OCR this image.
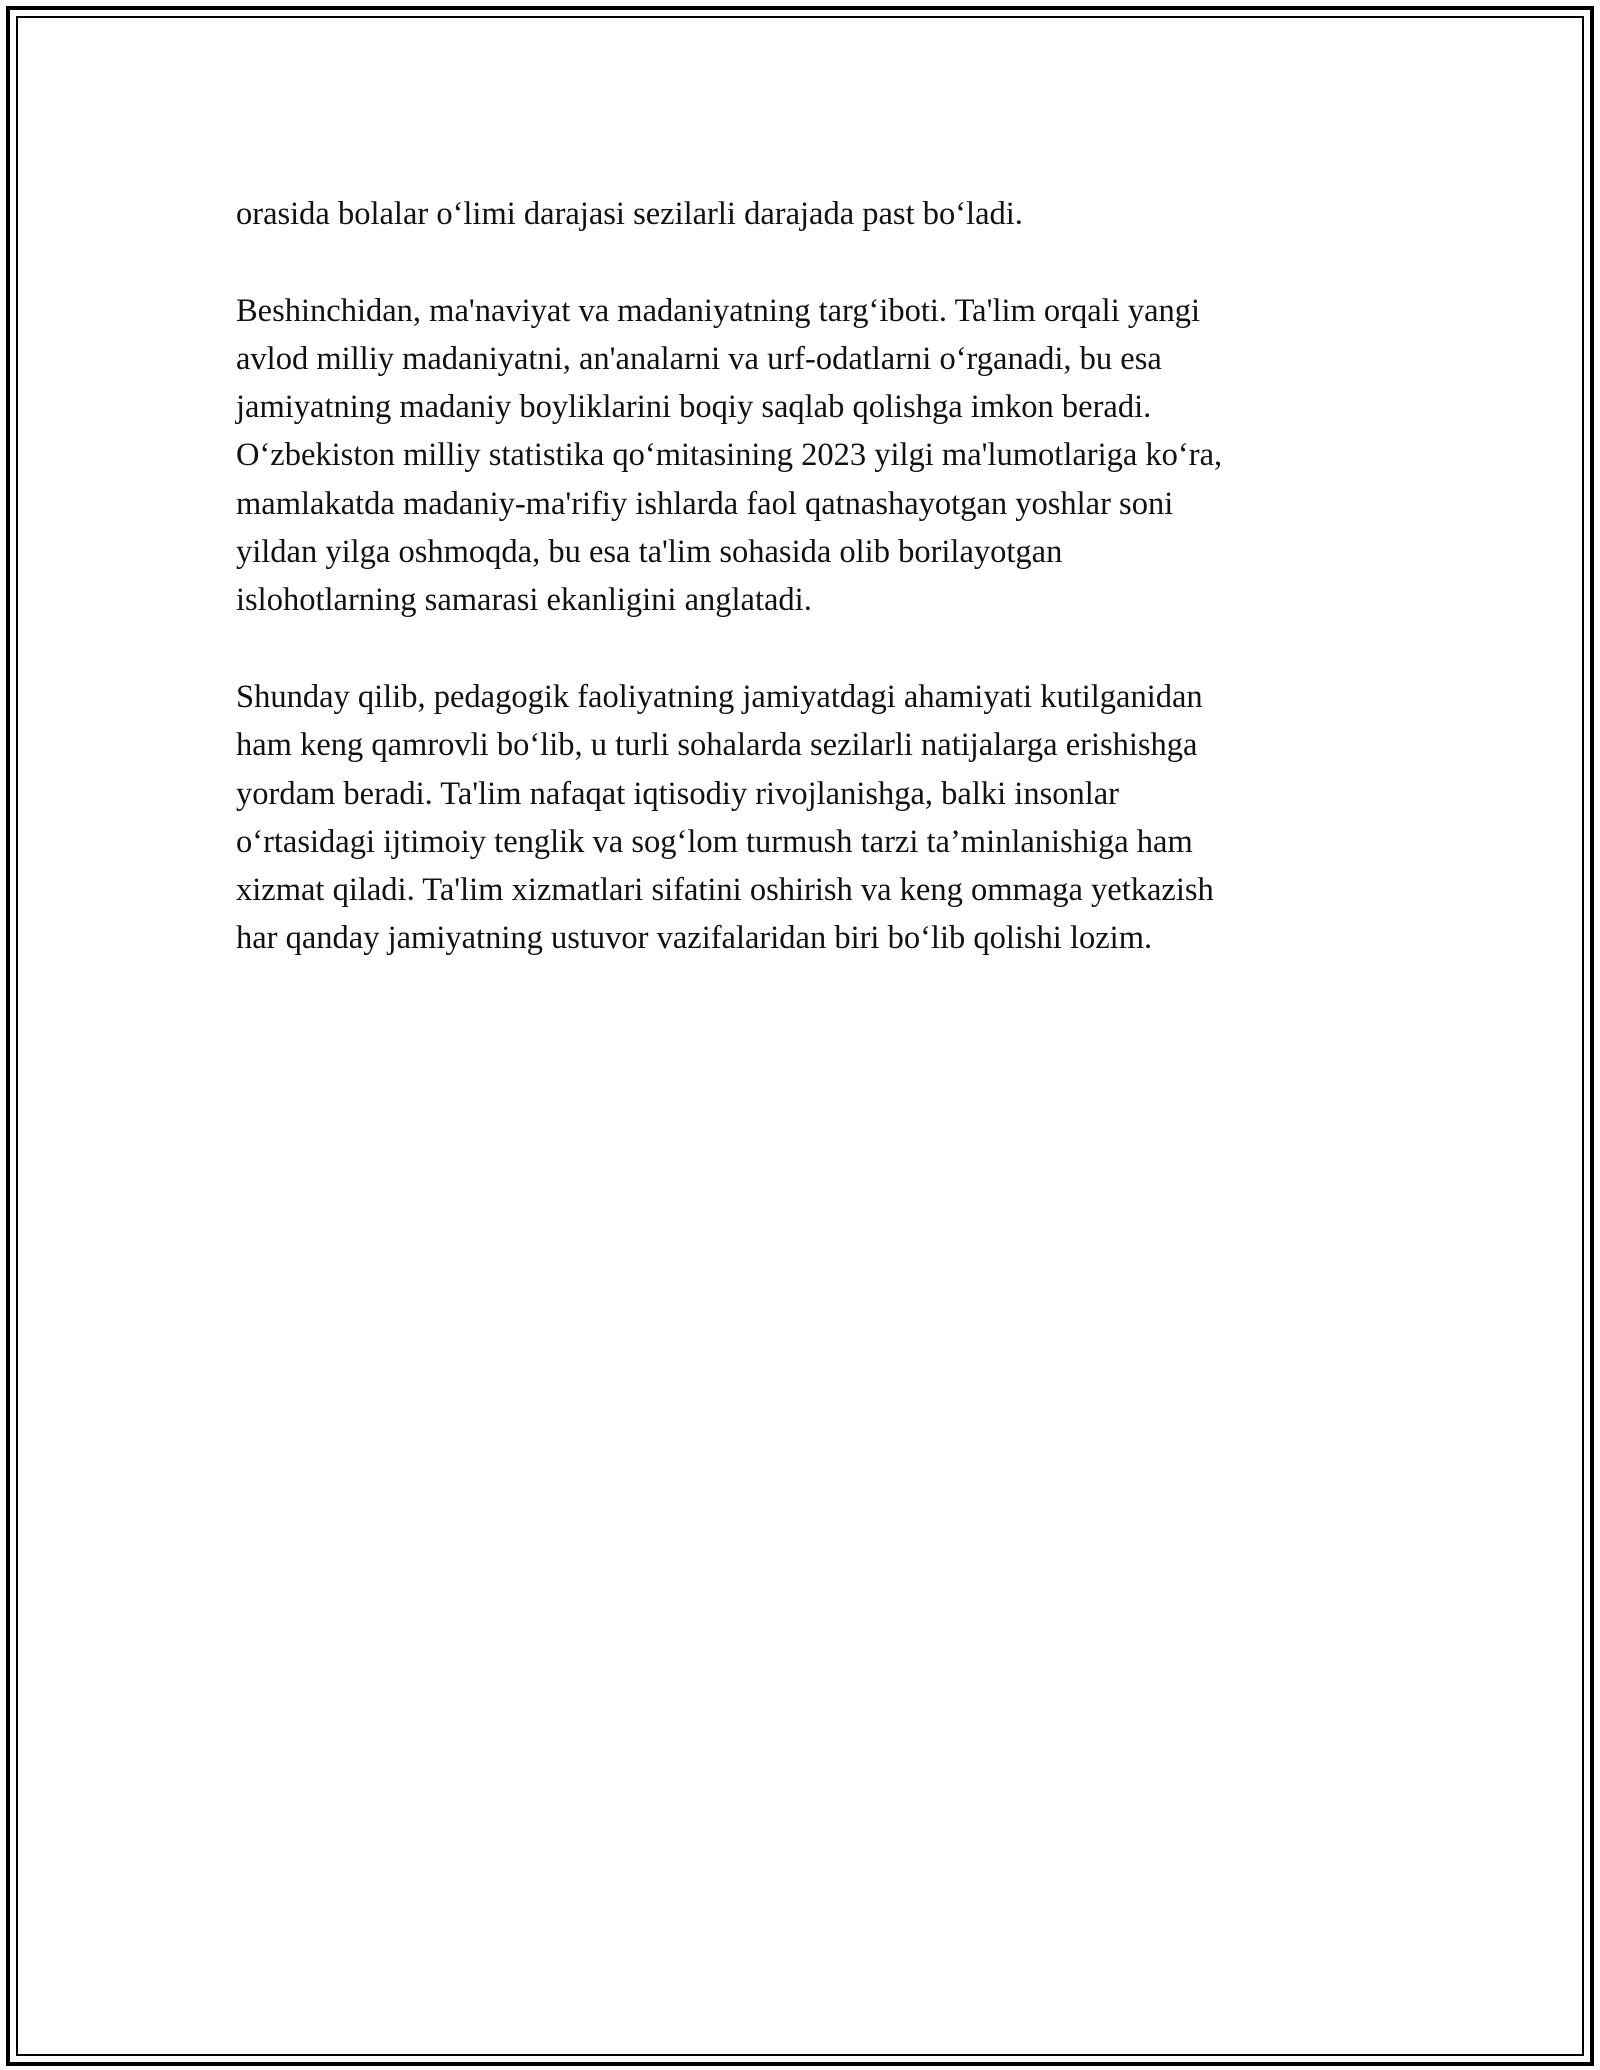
orasida bolalar o‘limi darajasi sezilarli darajada past bo‘ladi.

Beshinchidan, ma'naviyat va madaniyatning targ‘iboti. Ta'lim orqali yangi
avlod milliy madaniyatni, an'analarni va urf-odatlarni o‘rganadi, bu esa
jamiyatning madaniy boyliklarini boqiy saqlab qolishga imkon beradi.
O‘zbekiston milliy statistika qo‘mitasining 2023 yilgi ma'lumotlariga ko‘ra,
mamlakatda madaniy-ma'rifiy ishlarda faol qatnashayotgan yoshlar soni
yildan yilga oshmoqda, bu esa ta'lim sohasida olib borilayotgan
islohotlarning samarasi ekanligini anglatadi.

Shunday qilib, pedagogik faoliyatning jamiyatdagi ahamiyati kutilganidan
ham keng qamrovli bo‘lib, u turli sohalarda sezilarli natijalarga erishishga
yordam beradi. Ta'lim nafaqat iqtisodiy rivojlanishga, balki insonlar
o‘rtasidagi ijtimoiy tenglik va sog‘lom turmush tarzi ta’minlanishiga ham
xizmat qiladi. Ta'lim xizmatlari sifatini oshirish va keng ommaga yetkazish
har qanday jamiyatning ustuvor vazifalaridan biri bo‘lib qolishi lozim.
